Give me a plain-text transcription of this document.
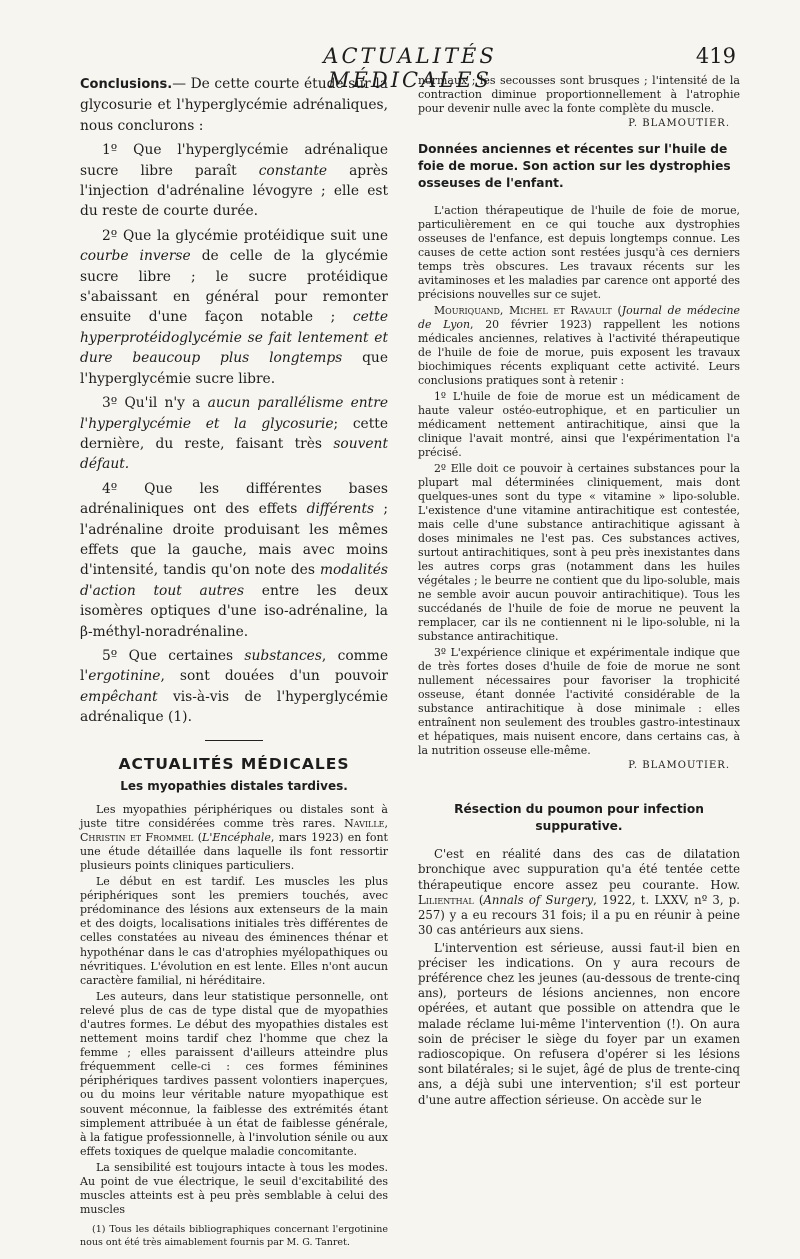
ACTUALITÉS MÉDICALES
419

Conclusions.— De cette courte étude sur la glycosurie et l'hyperglycémie adrénaliques, nous conclurons :

1º Que l'hyperglycémie adrénalique sucre libre paraît constante après l'injection d'adrénaline lévogyre ; elle est du reste de courte durée.

2º Que la glycémie protéidique suit une courbe inverse de celle de la glycémie sucre libre ; le sucre protéidique s'abaissant en général pour remonter ensuite d'une façon notable ; cette hyperprotéidoglycémie se fait lentement et dure beaucoup plus longtemps que l'hyperglycémie sucre libre.

3º Qu'il n'y a aucun parallélisme entre l'hyperglycémie et la glycosurie; cette dernière, du reste, faisant très souvent défaut.

4º Que les différentes bases adrénaliniques ont des effets différents ; l'adrénaline droite produisant les mêmes effets que la gauche, mais avec moins d'intensité, tandis qu'on note des modalités d'action tout autres entre les deux isomères optiques d'une iso-adrénaline, la β-méthyl-noradrénaline.

5º Que certaines substances, comme l'ergotinine, sont douées d'un pouvoir empêchant vis-à-vis de l'hyperglycémie adrénalique (1).

ACTUALITÉS MÉDICALES
Les myopathies distales tardives.

Les myopathies périphériques ou distales sont à juste titre considérées comme très rares. Naville, Christin et Frommel (L'Encéphale, mars 1923) en font une étude détaillée dans laquelle ils font ressortir plusieurs points cliniques particuliers.

Le début en est tardif. Les muscles les plus périphériques sont les premiers touchés, avec prédominance des lésions aux extenseurs de la main et des doigts, localisations initiales très différentes de celles constatées au niveau des éminences thénar et hypothénar dans le cas d'atrophies myélopathiques ou névritiques. L'évolution en est lente. Elles n'ont aucun caractère familial, ni héréditaire.

Les auteurs, dans leur statistique personnelle, ont relevé plus de cas de type distal que de myopathies d'autres formes. Le début des myopathies distales est nettement moins tardif chez l'homme que chez la femme ; elles paraissent d'ailleurs atteindre plus fréquemment celle-ci : ces formes féminines périphériques tardives passent volontiers inaperçues, ou du moins leur véritable nature myopathique est souvent méconnue, la faiblesse des extrémités étant simplement attribuée à un état de faiblesse générale, à la fatigue professionnelle, à l'involution sénile ou aux effets toxiques de quelque maladie concomitante.

La sensibilité est toujours intacte à tous les modes. Au point de vue électrique, le seuil d'excitabilité des muscles atteints est à peu près semblable à celui des muscles

(1) Tous les détails bibliographiques concernant l'ergotinine nous ont été très aimablement fournis par M. G. Tanret.

normaux ; les secousses sont brusques ; l'intensité de la contraction diminue proportionnellement à l'atrophie pour devenir nulle avec la fonte complète du muscle.

P. BLAMOUTIER.
Données anciennes et récentes sur l'huile de foie de morue. Son action sur les dystrophies osseuses de l'enfant.

L'action thérapeutique de l'huile de foie de morue, particulièrement en ce qui touche aux dystrophies osseuses de l'enfance, est depuis longtemps connue. Les causes de cette action sont restées jusqu'à ces derniers temps très obscures. Les travaux récents sur les avitaminoses et les maladies par carence ont apporté des précisions nouvelles sur ce sujet.

Mouriquand, Michel et Ravault (Journal de médecine de Lyon, 20 février 1923) rappellent les notions médicales anciennes, relatives à l'activité thérapeutique de l'huile de foie de morue, puis exposent les travaux biochimiques récents expliquant cette activité. Leurs conclusions pratiques sont à retenir :

1º L'huile de foie de morue est un médicament de haute valeur ostéo-eutrophique, et en particulier un médicament nettement antirachitique, ainsi que la clinique l'avait montré, ainsi que l'expérimentation l'a précisé.

2º Elle doit ce pouvoir à certaines substances pour la plupart mal déterminées cliniquement, mais dont quelques-unes sont du type « vitamine » lipo-soluble. L'existence d'une vitamine antirachitique est contestée, mais celle d'une substance antirachitique agissant à doses minimales ne l'est pas. Ces substances actives, surtout antirachitiques, sont à peu près inexistantes dans les autres corps gras (notamment dans les huiles végétales ; le beurre ne contient que du lipo-soluble, mais ne semble avoir aucun pouvoir antirachitique). Tous les succédanés de l'huile de foie de morue ne peuvent la remplacer, car ils ne contiennent ni le lipo-soluble, ni la substance antirachitique.

3º L'expérience clinique et expérimentale indique que de très fortes doses d'huile de foie de morue ne sont nullement nécessaires pour favoriser la trophicité osseuse, étant donnée l'activité considérable de la substance antirachitique à dose minimale : elles entraînent non seulement des troubles gastro-intestinaux et hépatiques, mais nuisent encore, dans certains cas, à la nutrition osseuse elle-même.

P. BLAMOUTIER.
Résection du poumon pour infection suppurative.

C'est en réalité dans des cas de dilatation bronchique avec suppuration qu'a été tentée cette thérapeutique encore assez peu courante. How. Lilienthal (Annals of Surgery, 1922, t. LXXV, nº 3, p. 257) y a eu recours 31 fois; il a pu en réunir à peine 30 cas antérieurs aux siens.

L'intervention est sérieuse, aussi faut-il bien en préciser les indications. On y aura recours de préférence chez les jeunes (au-dessous de trente-cinq ans), porteurs de lésions anciennes, non encore opérées, et autant que possible on attendra que le malade réclame lui-même l'intervention (!). On aura soin de préciser le siège du foyer par un examen radioscopique. On refusera d'opérer si les lésions sont bilatérales; si le sujet, âgé de plus de trente-cinq ans, a déjà subi une intervention; s'il est porteur d'une autre affection sérieuse. On accède sur le
